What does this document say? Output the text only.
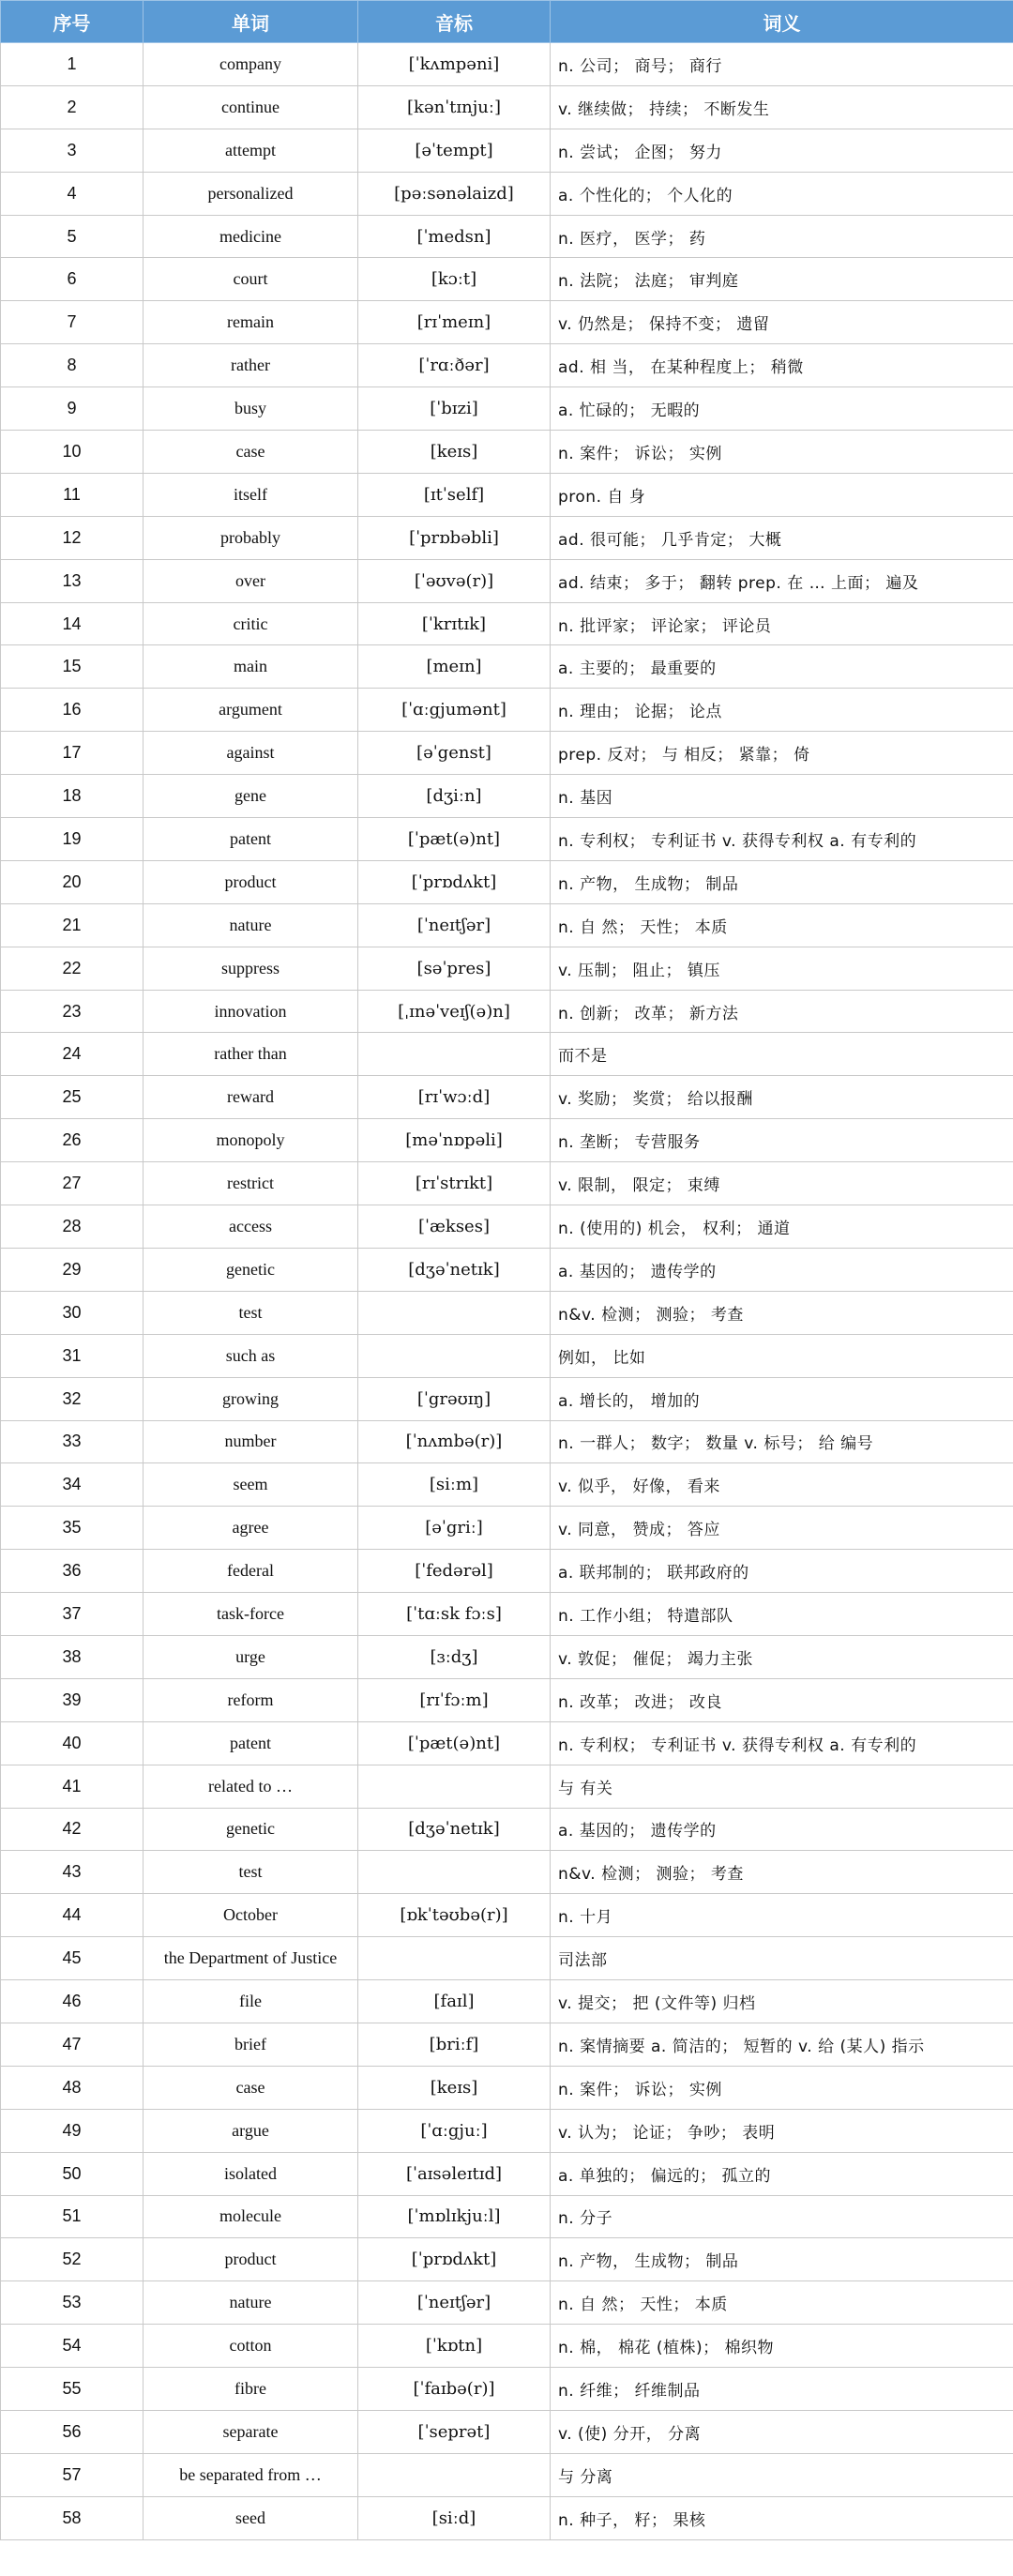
序号	单词	音标	词义
1	company	[ˈkʌmpəni]	n. 公司； 商号； 商行
2	continue	[kənˈtɪnjuː]	v. 继续做； 持续； 不断发生
3	attempt	[əˈtempt]	n. 尝试； 企图； 努力
4	personalized	[pəːsənəlaizd]	a. 个性化的； 个人化的
5	medicine	[ˈmedsn]	n. 医疗， 医学； 药
6	court	[kɔːt]	n. 法院； 法庭； 审判庭
7	remain	[rɪˈmeɪn]	v. 仍然是； 保持不变； 遗留
8	rather	[ˈrɑːðər]	ad. 相 当， 在某种程度上； 稍微
9	busy	[ˈbɪzi]	a. 忙碌的； 无暇的
10	case	[keɪs]	n. 案件； 诉讼； 实例
11	itself	[ɪtˈself]	pron. 自 身
12	probably	[ˈprɒbəbli]	ad. 很可能； 几乎肯定； 大概
13	over	[ˈəʊvə(r)]	ad. 结束； 多于； 翻转 prep. 在 … 上面； 遍及
14	critic	[ˈkrɪtɪk]	n. 批评家； 评论家； 评论员
15	main	[meɪn]	a. 主要的； 最重要的
16	argument	[ˈɑːgjumənt]	n. 理由； 论据； 论点
17	against	[əˈgenst]	prep. 反对； 与 相反； 紧靠； 倚
18	gene	[dʒiːn]	n. 基因
19	patent	[ˈpæt(ə)nt]	n. 专利权； 专利证书 v. 获得专利权 a. 有专利的
20	product	[ˈprɒdʌkt]	n. 产物， 生成物； 制品
21	nature	[ˈneɪtʃər]	n. 自 然； 天性； 本质
22	suppress	[səˈpres]	v. 压制； 阻止； 镇压
23	innovation	[ˌɪnəˈveɪʃ(ə)n]	n. 创新； 改革； 新方法
24	rather than		而不是
25	reward	[rɪˈwɔːd]	v. 奖励； 奖赏； 给以报酬
26	monopoly	[məˈnɒpəli]	n. 垄断； 专营服务
27	restrict	[rɪˈstrɪkt]	v. 限制， 限定； 束缚
28	access	[ˈækses]	n. (使用的) 机会， 权利； 通道
29	genetic	[dʒəˈnetɪk]	a. 基因的； 遗传学的
30	test		n&v. 检测； 测验； 考查
31	such as		例如， 比如
32	growing	[ˈgrəʊɪŋ]	a. 增长的， 增加的
33	number	[ˈnʌmbə(r)]	n. 一群人； 数字； 数量 v. 标号； 给 编号
34	seem	[siːm]	v. 似乎， 好像， 看来
35	agree	[əˈgriː]	v. 同意， 赞成； 答应
36	federal	[ˈfedərəl]	a. 联邦制的； 联邦政府的
37	task-force	[ˈtɑːsk fɔːs]	n. 工作小组； 特遣部队
38	urge	[ɜːdʒ]	v. 敦促； 催促； 竭力主张
39	reform	[rɪˈfɔːm]	n. 改革； 改进； 改良
40	patent	[ˈpæt(ə)nt]	n. 专利权； 专利证书 v. 获得专利权 a. 有专利的
41	related to …		与 有关
42	genetic	[dʒəˈnetɪk]	a. 基因的； 遗传学的
43	test		n&v. 检测； 测验； 考查
44	October	[ɒkˈtəʊbə(r)]	n. 十月
45	the Department of Justice		司法部
46	file	[faɪl]	v. 提交； 把 (文件等) 归档
47	brief	[briːf]	n. 案情摘要 a. 简洁的； 短暂的 v. 给 (某人) 指示
48	case	[keɪs]	n. 案件； 诉讼； 实例
49	argue	[ˈɑːgjuː]	v. 认为； 论证； 争吵； 表明
50	isolated	[ˈaɪsəleɪtɪd]	a. 单独的； 偏远的； 孤立的
51	molecule	[ˈmɒlɪkjuːl]	n. 分子
52	product	[ˈprɒdʌkt]	n. 产物， 生成物； 制品
53	nature	[ˈneɪtʃər]	n. 自 然； 天性； 本质
54	cotton	[ˈkɒtn]	n. 棉， 棉花 (植株)； 棉织物
55	fibre	[ˈfaɪbə(r)]	n. 纤维； 纤维制品
56	separate	[ˈseprət]	v. (使) 分开， 分离
57	be separated from …		与 分离
58	seed	[siːd]	n. 种子， 籽； 果核
